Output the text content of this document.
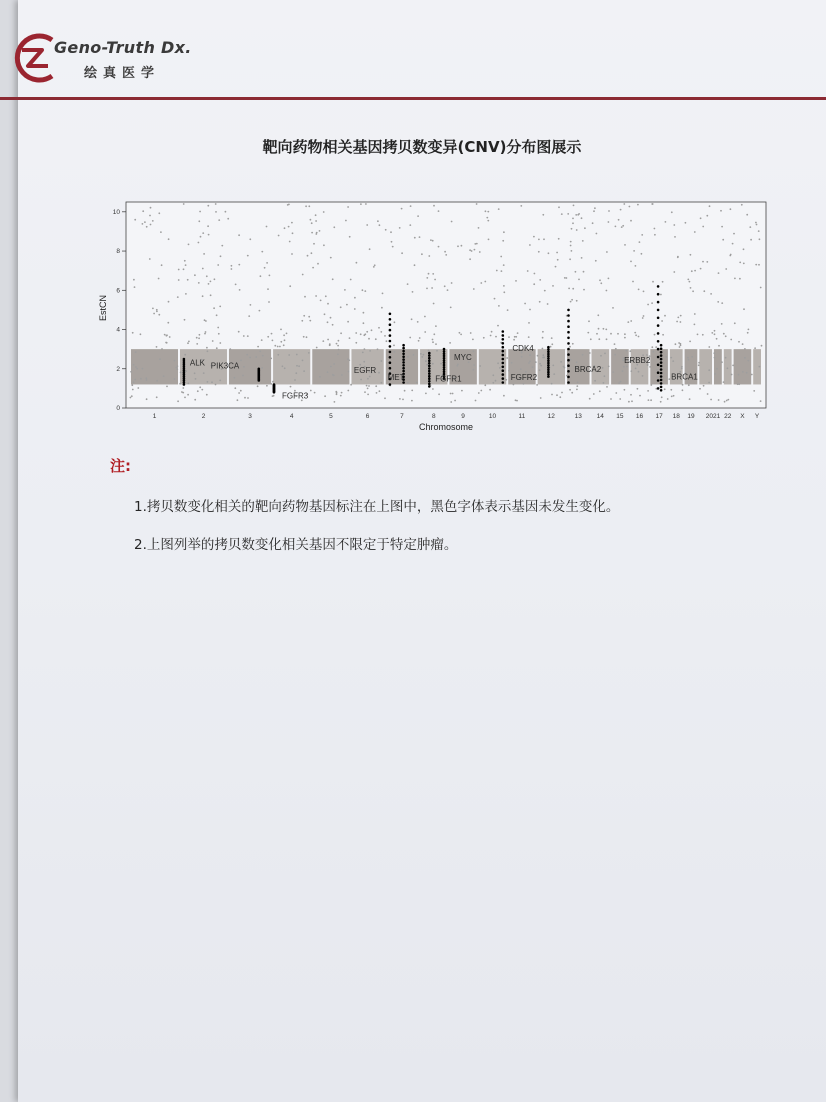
Geno-Truth Dx.
绘真医学
靶向药物相关基因拷贝数变异(CNV)分布图展示
0
2
4
6
8
10
1	2	3	4	5	6	7	8	9	10	11	12	13 14 15 16 17 18 19 2021 22 X Y
ALK PIK3CA
FGFR3
EGFR
MET	FGFR1
MYC
FGFR2
CDK4
BRCA2
ERBB2
BRCA1
Chromosome
EstCN
注:
1.拷贝数变化相关的靶向药物基因标注在上图中，黑色字体表示基因未发生变化。
2.上图列举的拷贝数变化相关基因不限定于特定肿瘤。
